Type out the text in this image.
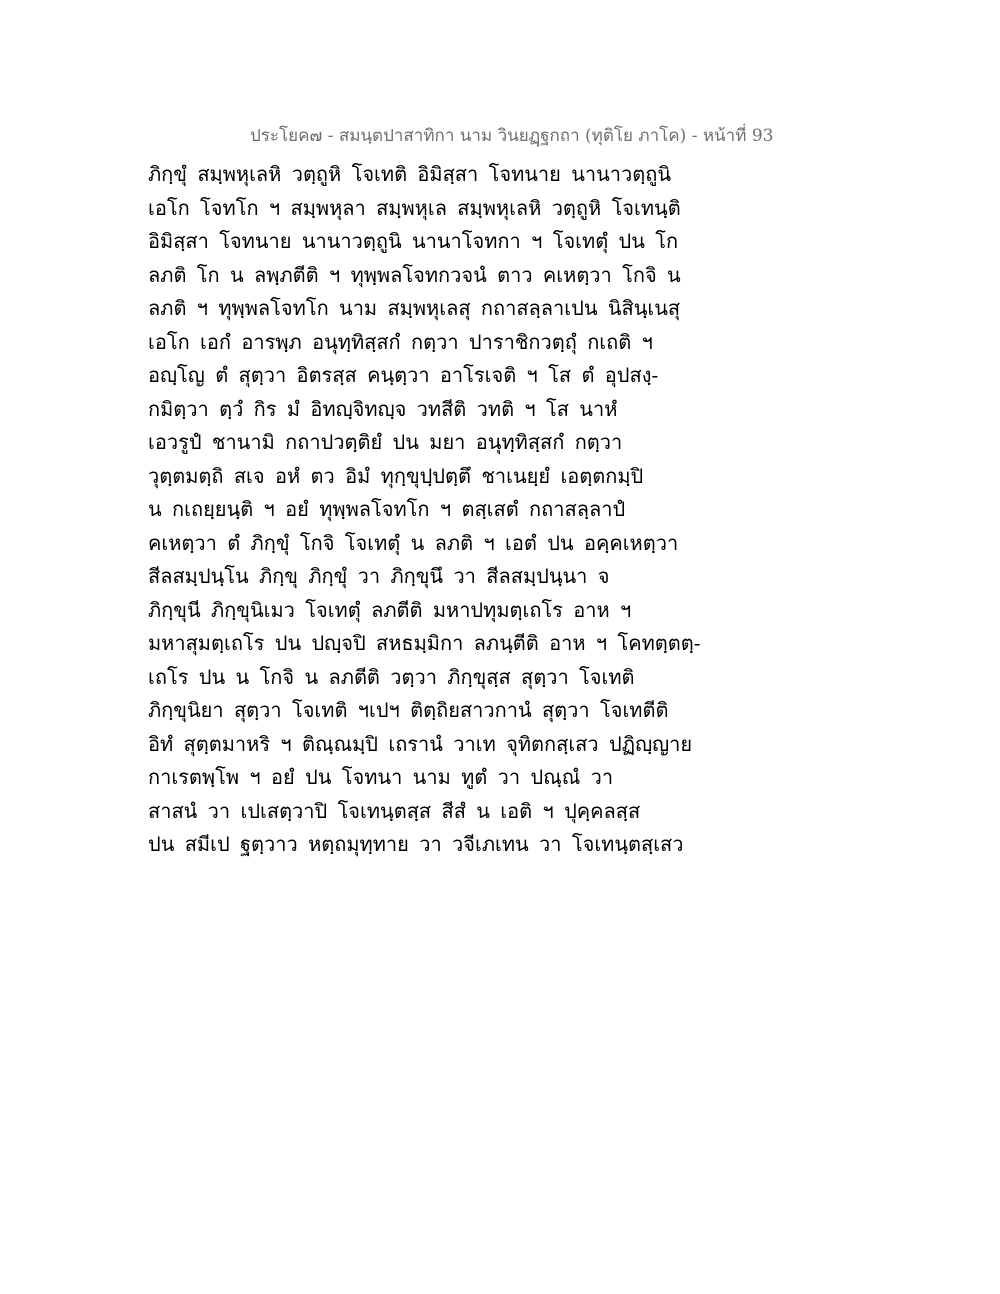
ประโยค๗ - สมนฺตปาสาทิกา นาม วินยฏฺฐกถา (ทุติโย ภาโค) - หน้าที่ 93
ภิกฺขุํ สมฺพหุเลหิ วตฺถูหิ โจเทติ อิมิสฺสา โจทนาย นานาวตฺถูนิ
เอโก โจทโก ฯ สมฺพหุลา สมฺพหุเล สมฺพหุเลหิ วตฺถูหิ โจเทนฺติ
อิมิสฺสา โจทนาย นานาวตฺถูนิ นานาโจทกา ฯ โจเทตุํ ปน โก
ลภติ โก น ลพฺภตีติ ฯ ทุพฺพลโจทกวจนํ ตาว คเหตฺวา โกจิ น
ลภติ ฯ ทุพฺพลโจทโก นาม สมฺพหุเลสุ กถาสลฺลาเปน นิสินฺเนสุ
เอโก เอกํ อารพฺภ อนุทฺทิสฺสกํ กตฺวา ปาราชิกวตฺถุํ กเถติ ฯ
อญฺโญ ตํ สุตฺวา อิตรสฺส คนฺตฺวา อาโรเจติ ฯ โส ตํ อุปสงฺ-
กมิตฺวา ตฺวํ กิร มํ อิทญฺจิทญฺจ วทสีติ วทติ ฯ โส นาหํ
เอวรูปํ ชานามิ กถาปวตฺติยํ ปน มยา อนุทฺทิสฺสกํ กตฺวา
วุตฺตมตฺถิ สเจ อหํ ตว อิมํ ทุกฺขุปฺปตฺตึ ชาเนยฺยํ เอตฺตกมฺปิ
น กเถยฺยนฺติ ฯ อยํ ทุพฺพลโจทโก ฯ ตสฺเสตํ กถาสลฺลาปํ
คเหตฺวา ตํ ภิกฺขุํ โกจิ โจเทตุํ น ลภติ ฯ เอตํ ปน อคฺคเหตฺวา
สีลสมฺปนฺโน ภิกฺขุ ภิกฺขุํ วา ภิกฺขุนึ วา สีลสมฺปนฺนา จ
ภิกฺขุนี ภิกฺขุนิเมว โจเทตุํ ลภตีติ มหาปทุมตฺเถโร อาห ฯ
มหาสุมตฺเถโร ปน ปญฺจปิ สหธมฺมิกา ลภนฺตีติ อาห ฯ โคทตฺตตฺ-
เถโร ปน น โกจิ น ลภตีติ วตฺวา ภิกฺขุสฺส สุตฺวา โจเทติ
ภิกฺขุนิยา สุตฺวา โจเทติ ฯเปฯ ติตฺถิยสาวกานํ สุตฺวา โจเทตีติ
อิทํ สุตฺตมาหริ ฯ ติณฺณมฺปิ เถรานํ วาเท จุทิตกสฺเสว ปฏิญฺญาย
กาเรตพฺโพ ฯ อยํ ปน โจทนา นาม ทูตํ วา ปณฺณํ วา
สาสนํ วา เปเสตฺวาปิ โจเทนฺตสฺส สีสํ น เอติ ฯ ปุคฺคลสฺส
ปน สมีเป ฐตฺวาว หตฺถมุทฺทาย วา วจีเภเทน วา โจเทนฺตสฺเสว
